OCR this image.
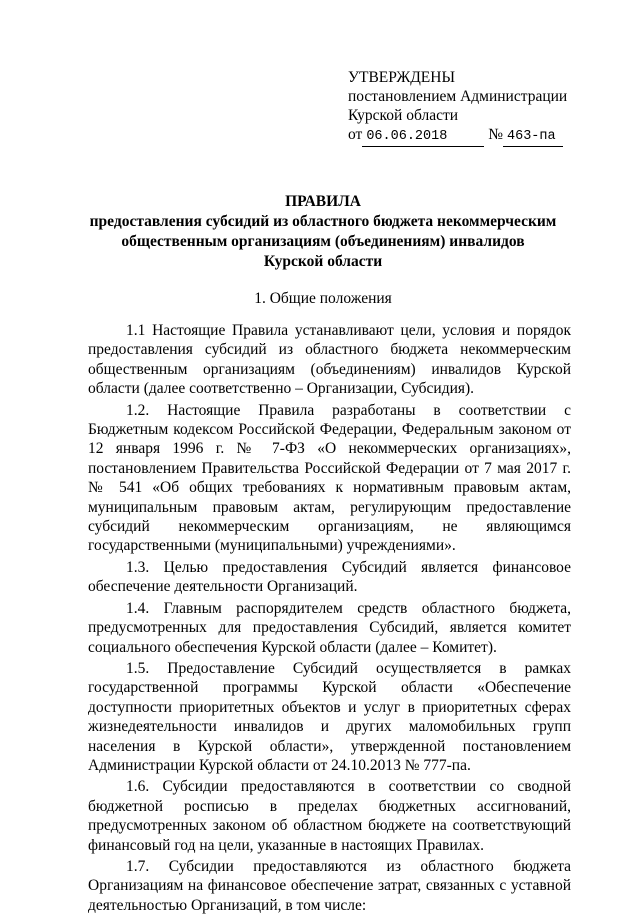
УТВЕРЖДЕНЫ
постановлением Администрации
Курской области
от 06.06.2018	№ 463-па
ПРАВИЛА
предоставления субсидий из областного бюджета некоммерческим
общественным организациям (объединениям) инвалидов
Курской области
1. Общие положения

1.1 Настоящие Правила устанавливают цели, условия и порядок предоставления субсидий из областного бюджета некоммерческим общественным организациям (объединениям) инвалидов Курской области (далее соответственно – Организации, Субсидия).

1.2. Настоящие Правила разработаны в соответствии с Бюджетным кодексом Российской Федерации, Федеральным законом от 12 января 1996 г. № 7-ФЗ «О некоммерческих организациях», постановлением Правительства Российской Федерации от 7 мая 2017 г. № 541 «Об общих требованиях к нормативным правовым актам, муниципальным правовым актам, регулирующим предоставление субсидий некоммерческим организациям, не являющимся государственными (муниципальными) учреждениями».

1.3. Целью предоставления Субсидий является финансовое обеспечение деятельности Организаций.

1.4. Главным распорядителем средств областного бюджета, предусмотренных для предоставления Субсидий, является комитет социального обеспечения Курской области (далее – Комитет).

1.5. Предоставление Субсидий осуществляется в рамках государственной программы Курской области «Обеспечение доступности приоритетных объектов и услуг в приоритетных сферах жизнедеятельности инвалидов и других маломобильных групп населения в Курской области», утвержденной постановлением Администрации Курской области от 24.10.2013 № 777-па.

1.6. Субсидии предоставляются в соответствии со сводной бюджетной росписью в пределах бюджетных ассигнований, предусмотренных законом об областном бюджете на соответствующий финансовый год на цели, указанные в настоящих Правилах.

1.7. Субсидии предоставляются из областного бюджета Организациям на финансовое обеспечение затрат, связанных с уставной деятельностью Организаций, в том числе:
